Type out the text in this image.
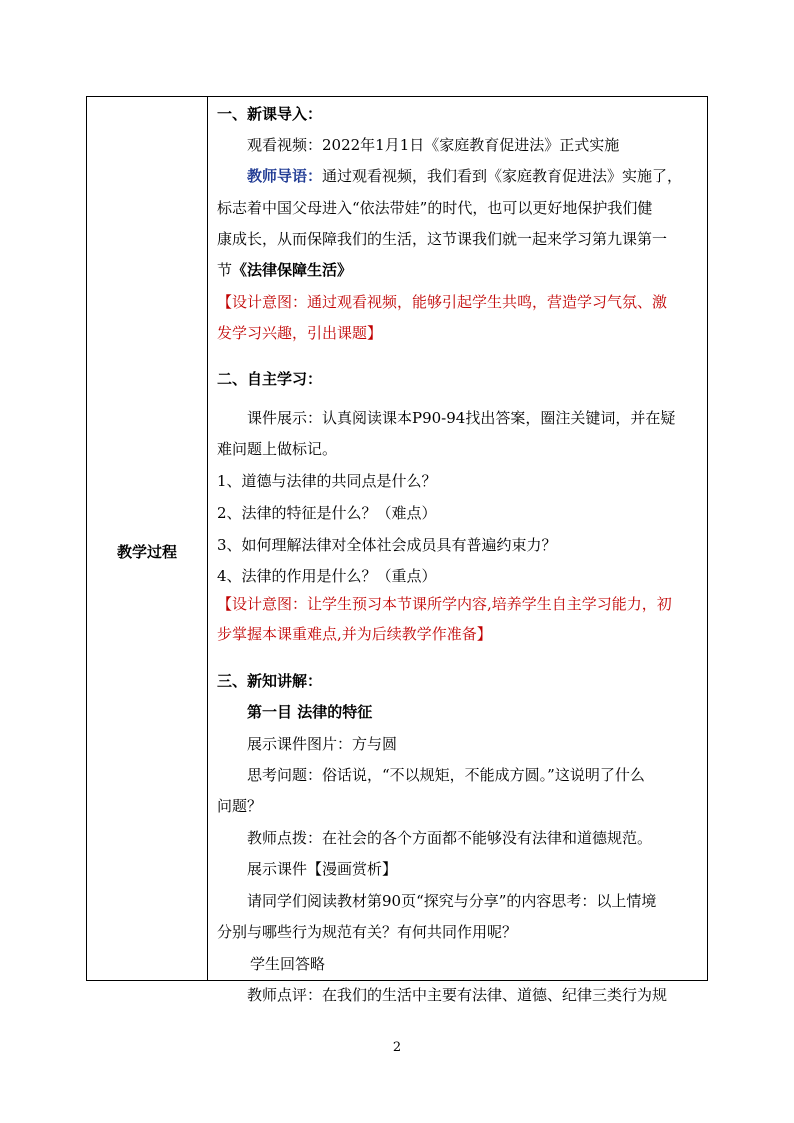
教学过程
一、新课导入：
观看视频：2022年1月1日《家庭教育促进法》正式实施
教师导语：通过观看视频，我们看到《家庭教育促进法》实施了，
标志着中国父母进入“依法带娃”的时代，也可以更好地保护我们健
康成长，从而保障我们的生活，这节课我们就一起来学习第九课第一
节《法律保障生活》
【设计意图：通过观看视频，能够引起学生共鸣，营造学习气氛、激
发学习兴趣，引出课题】
二、自主学习：
课件展示：认真阅读课本P90-94找出答案，圈注关键词，并在疑
难问题上做标记。
1、道德与法律的共同点是什么？
2、法律的特征是什么？（难点）
3、如何理解法律对全体社会成员具有普遍约束力？
4、法律的作用是什么？（重点）
【设计意图：让学生预习本节课所学内容,培养学生自主学习能力，初
步掌握本课重难点,并为后续教学作准备】
三、新知讲解：
第一目 法律的特征
展示课件图片：方与圆
思考问题：俗话说，“不以规矩，不能成方圆。”这说明了什么
问题？
教师点拨：在社会的各个方面都不能够没有法律和道德规范。
展示课件【漫画赏析】
请同学们阅读教材第90页“探究与分享”的内容思考：以上情境
分别与哪些行为规范有关？有何共同作用呢？
学生回答略
教师点评：在我们的生活中主要有法律、道德、纪律三类行为规
2
